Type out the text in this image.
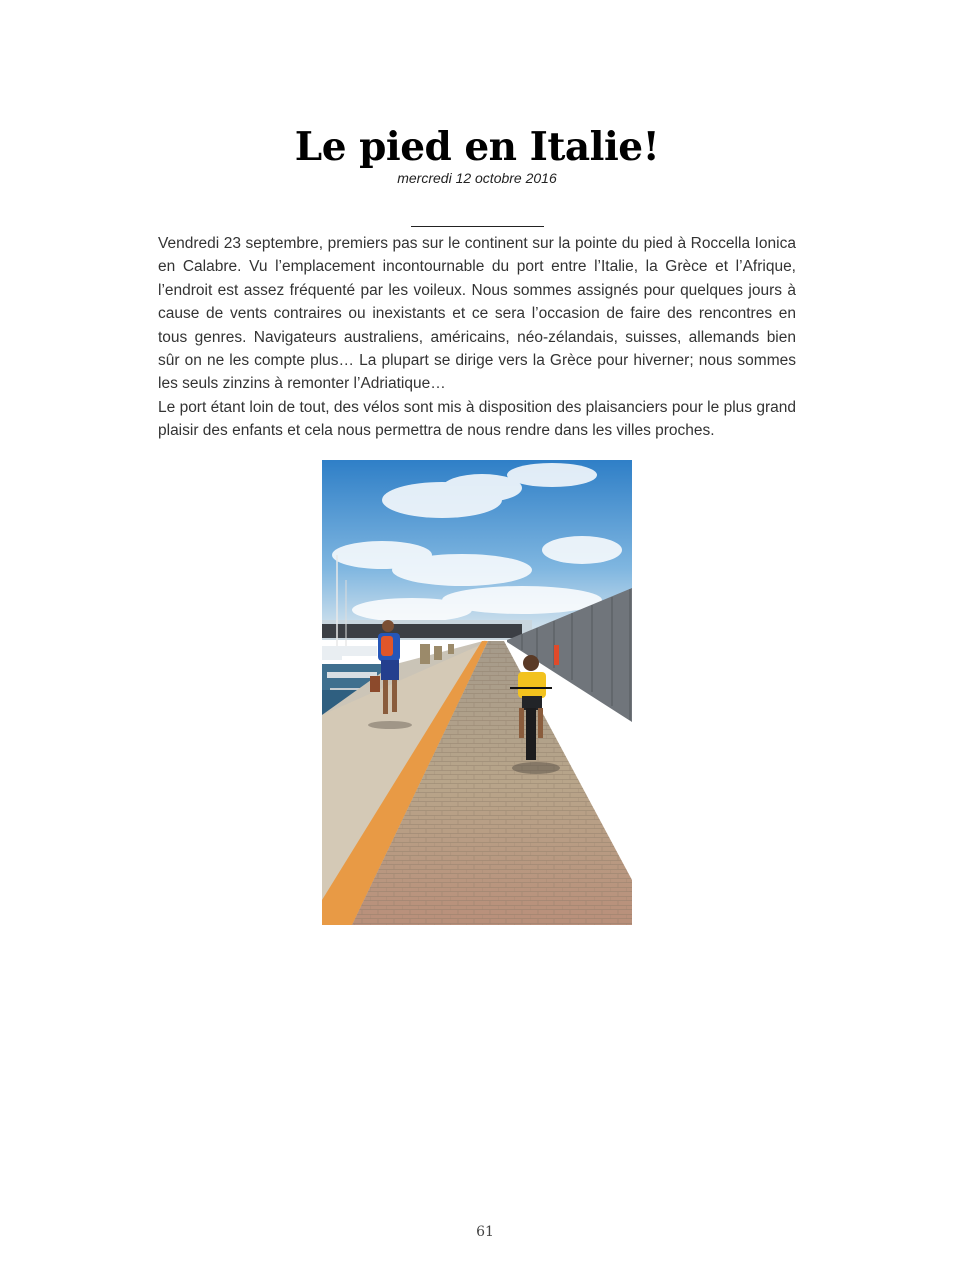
Le pied en Italie!
mercredi 12 octobre 2016

Vendredi 23 septembre, premiers pas sur le continent sur la pointe du pied à Roccella Ionica en Calabre. Vu l’emplacement incontournable du port entre l’Italie, la Grèce et l’Afrique, l’endroit est assez fréquenté par les voileux. Nous sommes assignés pour quelques jours à cause de vents contraires ou inexistants et ce sera l’occasion de faire des rencontres en tous genres. Navigateurs australiens, américains, néo-zélandais, suisses, allemands bien sûr on ne les compte plus… La plupart se dirige vers la Grèce pour hiverner; nous sommes les seuls zinzins à remonter l’Adriatique…

Le port étant loin de tout, des vélos sont mis à disposition des plaisanciers pour le plus grand plaisir des enfants et cela nous permettra de nous rendre dans les villes proches.

61
